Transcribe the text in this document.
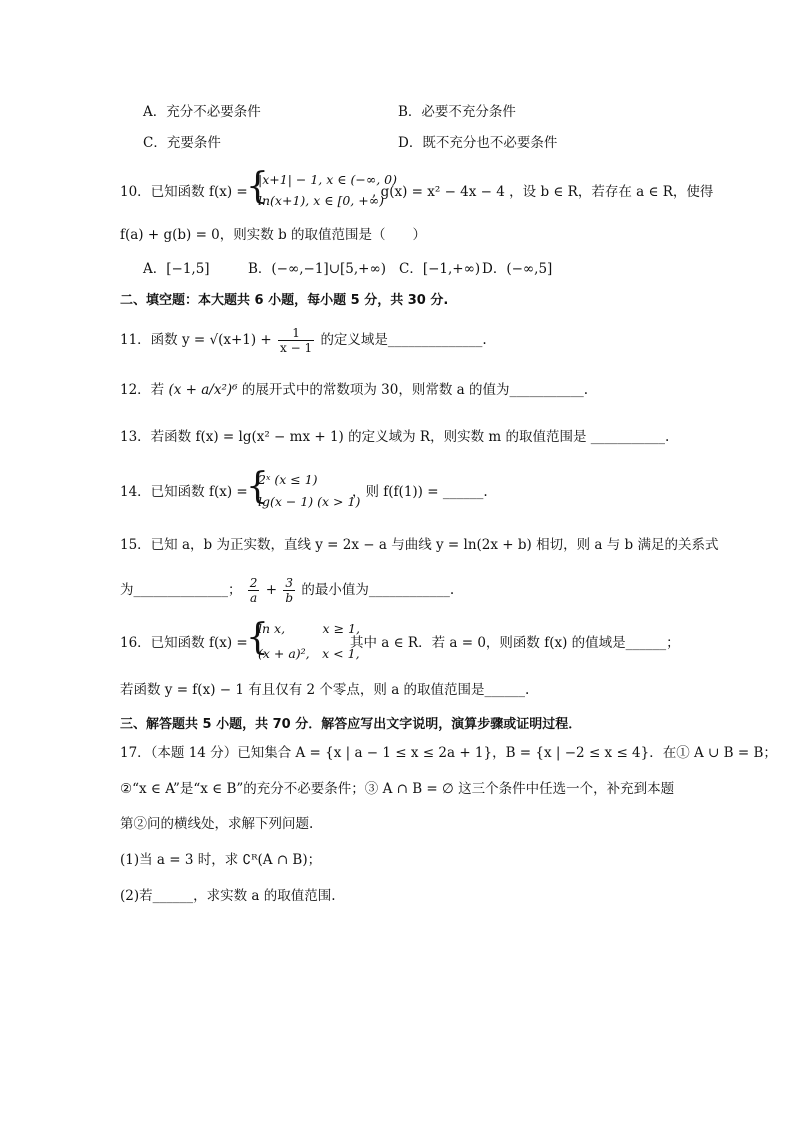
A．充分不必要条件	B．必要不充分条件
C．充要条件	D．既不充分也不必要条件
10．已知函数 f(x) =
{
|x+1| − 1, x ∈ (−∞, 0)
ln(x+1), x ∈ [0, +∞)
, g(x) = x² − 4x − 4 ，设 b ∈ R，若存在 a ∈ R，使得
f(a) + g(b) = 0，则实数 b 的取值范围是（　　）
A．[−1,5]	B．(−∞,−1]∪[5,+∞) C．[−1,+∞) D．(−∞,5]
二、填空题：本大题共 6 小题，每小题 5 分，共 30 分.
11．函数 $y = √(x+1) + \frac{1}{x - 1}$ 的定义域是______________.
12．若 (x + a/x²)⁶ 的展开式中的常数项为 30，则常数 a 的值为___________.
13．若函数 f(x) = lg(x² − mx + 1) 的定义域为 R，则实数 m 的取值范围是 ___________.
14．已知函数 f(x) =
{
2ˣ (x ≤ 1)
lg(x − 1) (x > 1)
，则 f(f(1)) = ______.
15．已知 a，b 为正实数，直线 y = 2x − a 与曲线 y = ln(2x + b) 相切，则 a 与 b 满足的关系式
为______________； $\frac{2}{a} + \frac{3}{b}$ 的最小值为____________.
16．已知函数 f(x) =
{
ln x,　　　x ≥ 1,
(x + a)²,　x < 1,
其中 a ∈ R．若 a = 0，则函数 f(x) 的值域是______；
若函数 y = f(x) − 1 有且仅有 2 个零点，则 a 的取值范围是______.
三、解答题共 5 小题，共 70 分．解答应写出文字说明，演算步骤或证明过程．
17．（本题 14 分）已知集合 A = {x | a − 1 ≤ x ≤ 2a + 1}，B = {x | −2 ≤ x ≤ 4}．在① A ∪ B = B；
②“x ∈ A”是“x ∈ B”的充分不必要条件；③ A ∩ B = ∅ 这三个条件中任选一个，补充到本题
第②问的横线处，求解下列问题.
(1)当 a = 3 时，求 ∁ᴿ(A ∩ B)；
(2)若______，求实数 a 的取值范围.
